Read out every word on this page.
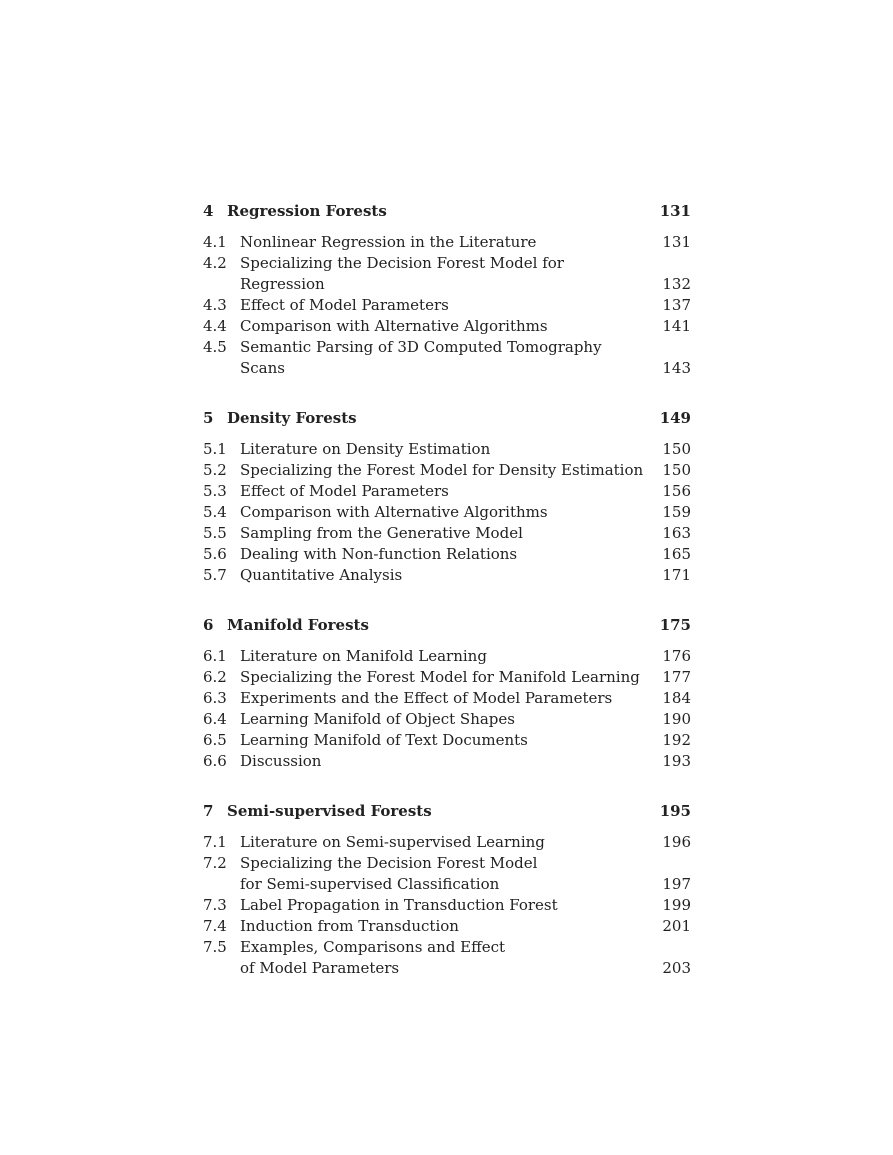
4 Regression Forests	131
4.1 Nonlinear Regression in the Literature	131
4.2 Specializing the Decision Forest Model for Regression	132
4.3 Effect of Model Parameters	137
4.4 Comparison with Alternative Algorithms	141
4.5 Semantic Parsing of 3D Computed Tomography Scans	143
5 Density Forests	149
5.1 Literature on Density Estimation	150
5.2 Specializing the Forest Model for Density Estimation	150
5.3 Effect of Model Parameters	156
5.4 Comparison with Alternative Algorithms	159
5.5 Sampling from the Generative Model	163
5.6 Dealing with Non-function Relations	165
5.7 Quantitative Analysis	171
6 Manifold Forests	175
6.1 Literature on Manifold Learning	176
6.2 Specializing the Forest Model for Manifold Learning	177
6.3 Experiments and the Effect of Model Parameters	184
6.4 Learning Manifold of Object Shapes	190
6.5 Learning Manifold of Text Documents	192
6.6 Discussion	193
7 Semi-supervised Forests	195
7.1 Literature on Semi-supervised Learning	196
7.2 Specializing the Decision Forest Model
for Semi-supervised Classification	197
7.3 Label Propagation in Transduction Forest	199
7.4 Induction from Transduction	201
7.5 Examples, Comparisons and Effect
of Model Parameters	203
